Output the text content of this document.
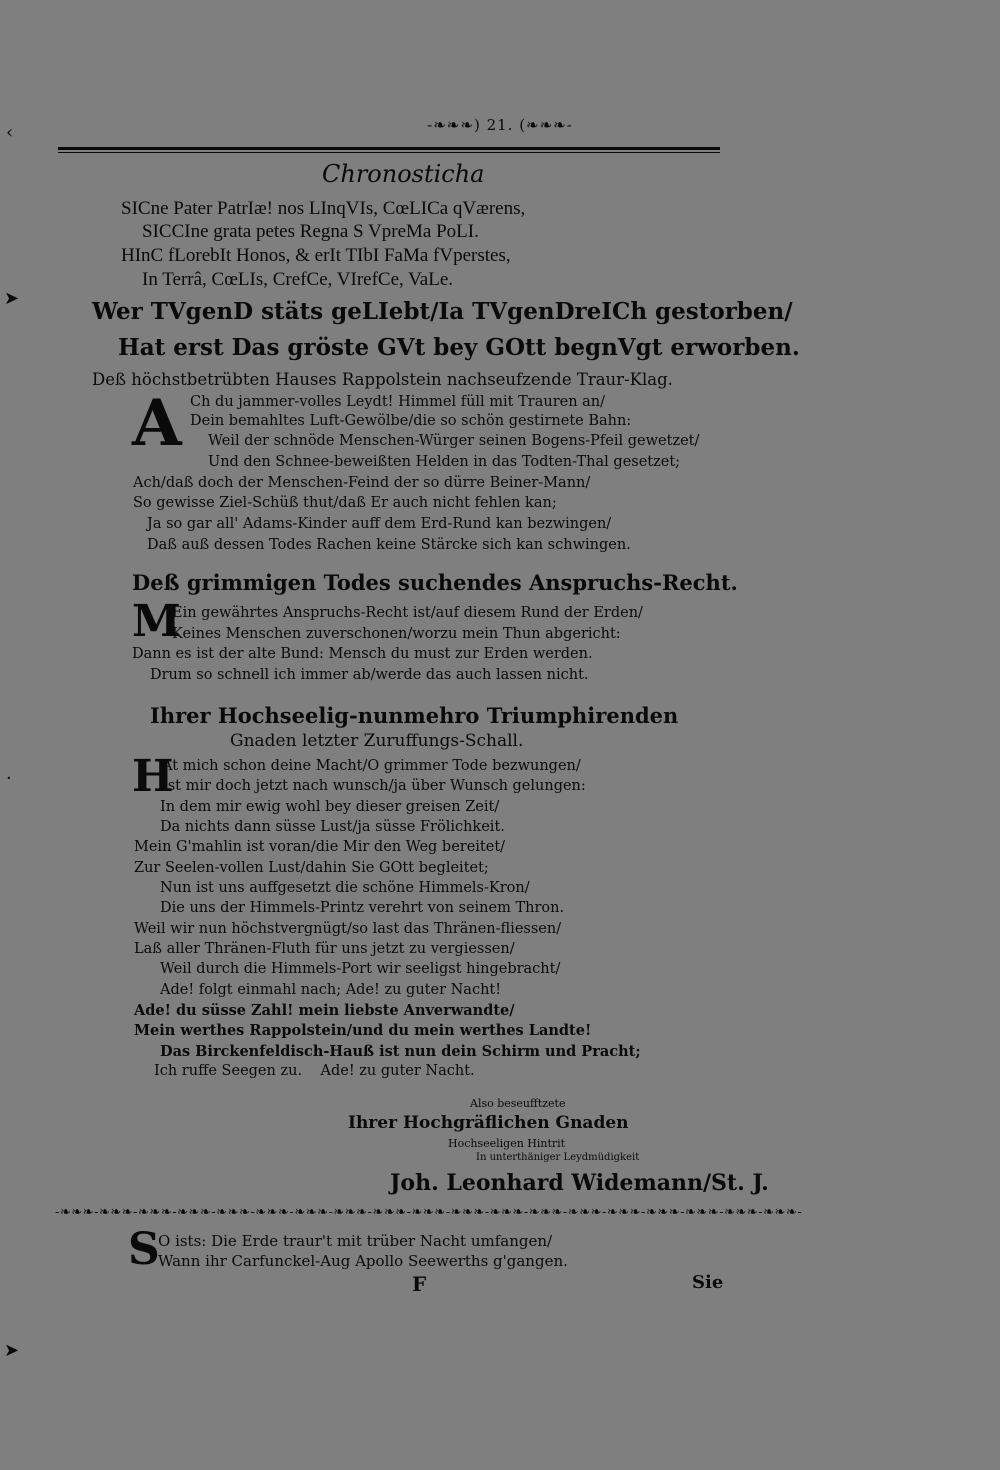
‹
➤
·
➤
-❧❧❧) 21. (❧❧❧-
Chronosticha
SICne Pater PatrIæ! nos LInqVIs, CœLICa qVærens,
SICCIne grata petes Regna S VpreMa PoLI.
HInC fLorebIt Honos, & erIt TIbI FaMa fVperstes,
In Terrâ, CœLIs, CrefCe, VIrefCe, VaLe.
Wer TVgenD stäts geLIebt/Ia TVgenDreICh gestorben/
Hat erst Das gröste GVt bey GOtt begnVgt erworben.
Deß höchstbetrübten Hauses Rappolstein nachseufzende Traur-Klag.
A Ch du jammer-volles Leydt! Himmel füll mit Trauren an/
Dein bemahltes Luft-Gewölbe/die so schön gestirnete Bahn:
Weil der schnöde Menschen-Würger seinen Bogens-Pfeil gewetzet/
Und den Schnee-beweißten Helden in das Todten-Thal gesetzet;
Ach/daß doch der Menschen-Feind der so dürre Beiner-Mann/
So gewisse Ziel-Schüß thut/daß Er auch nicht fehlen kan;
Ja so gar all' Adams-Kinder auff dem Erd-Rund kan bezwingen/
Daß auß dessen Todes Rachen keine Stärcke sich kan schwingen.
Deß grimmigen Todes suchendes Anspruchs-Recht.
M
Ein gewährtes Anspruchs-Recht ist/auf diesem Rund der Erden/
Keines Menschen zuverschonen/worzu mein Thun abgericht:
Dann es ist der alte Bund: Mensch du must zur Erden werden.
Drum so schnell ich immer ab/werde das auch lassen nicht.
Ihrer Hochseelig-nunmehro Triumphirenden
Gnaden letzter Zuruffungs-Schall.
H
At mich schon deine Macht/O grimmer Tode bezwungen/
Ist mir doch jetzt nach wunsch/ja über Wunsch gelungen:
In dem mir ewig wohl bey dieser greisen Zeit/
Da nichts dann süsse Lust/ja süsse Frölichkeit.
Mein G'mahlin ist voran/die Mir den Weg bereitet/
Zur Seelen-vollen Lust/dahin Sie GOtt begleitet;
Nun ist uns auffgesetzt die schöne Himmels-Kron/
Die uns der Himmels-Printz verehrt von seinem Thron.
Weil wir nun höchstvergnügt/so last das Thränen-fliessen/
Laß aller Thränen-Fluth für uns jetzt zu vergiessen/
Weil durch die Himmels-Port wir seeligst hingebracht/
Ade! folgt einmahl nach; Ade! zu guter Nacht!
Ade! du süsse Zahl! mein liebste Anverwandte/
Mein werthes Rappolstein/und du mein werthes Landte!
Das Birckenfeldisch-Hauß ist nun dein Schirm und Pracht;
Ich ruffe Seegen zu.    Ade! zu guter Nacht.
Also beseufftzete
Ihrer Hochgräflichen Gnaden
Hochseeligen Hintrit
In unterthäniger Leydmüdigkeit
Joh. Leonhard Widemann/St. J.
-❧❧❧-❧❧❧-❧❧❧-❧❧❧-❧❧❧-❧❧❧-❧❧❧-❧❧❧-❧❧❧-❧❧❧-❧❧❧-❧❧❧-❧❧❧-❧❧❧-❧❧❧-❧❧❧-❧❧❧-❧❧❧-❧❧❧-
S
O ists: Die Erde traur't mit trüber Nacht umfangen/
Wann ihr Carfunckel-Aug Apollo Seewerths g'gangen.
F	Sie
